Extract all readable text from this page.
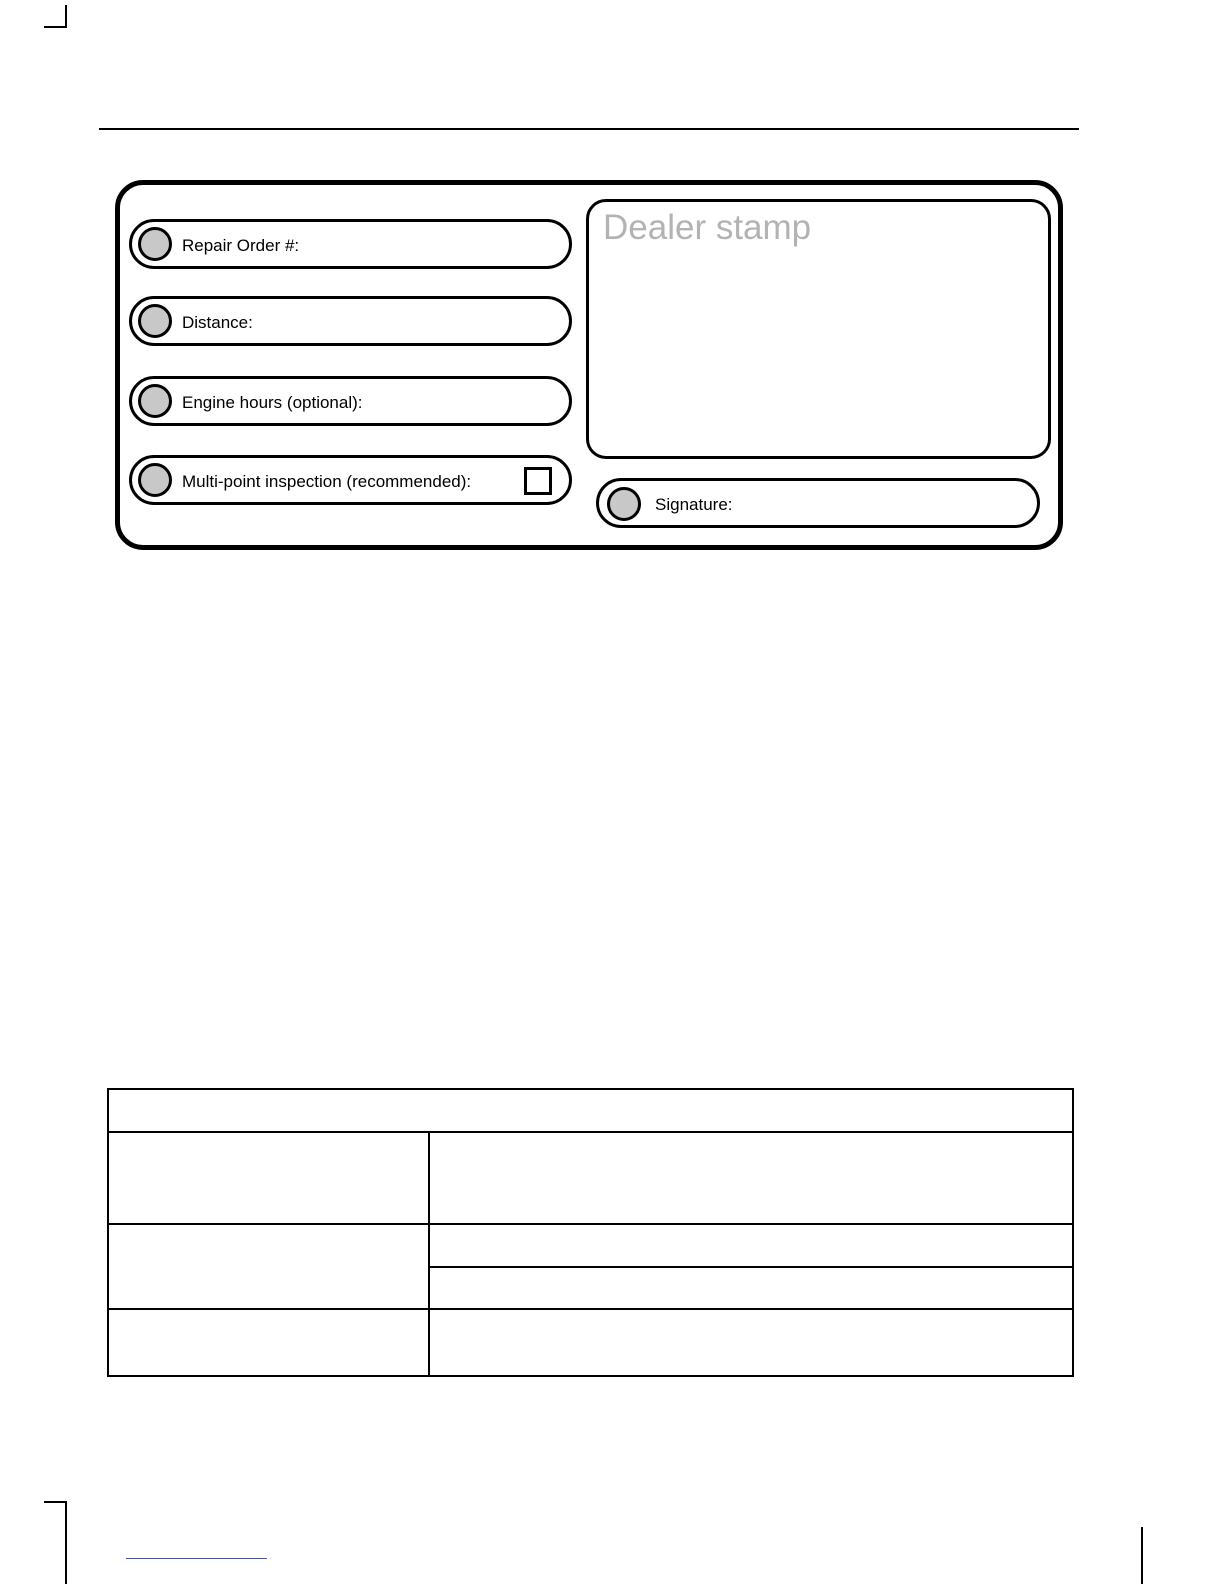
Repair Order #:
Distance:
Engine hours (optional):
Multi-point inspection (recommended):
Dealer stamp
Signature:
